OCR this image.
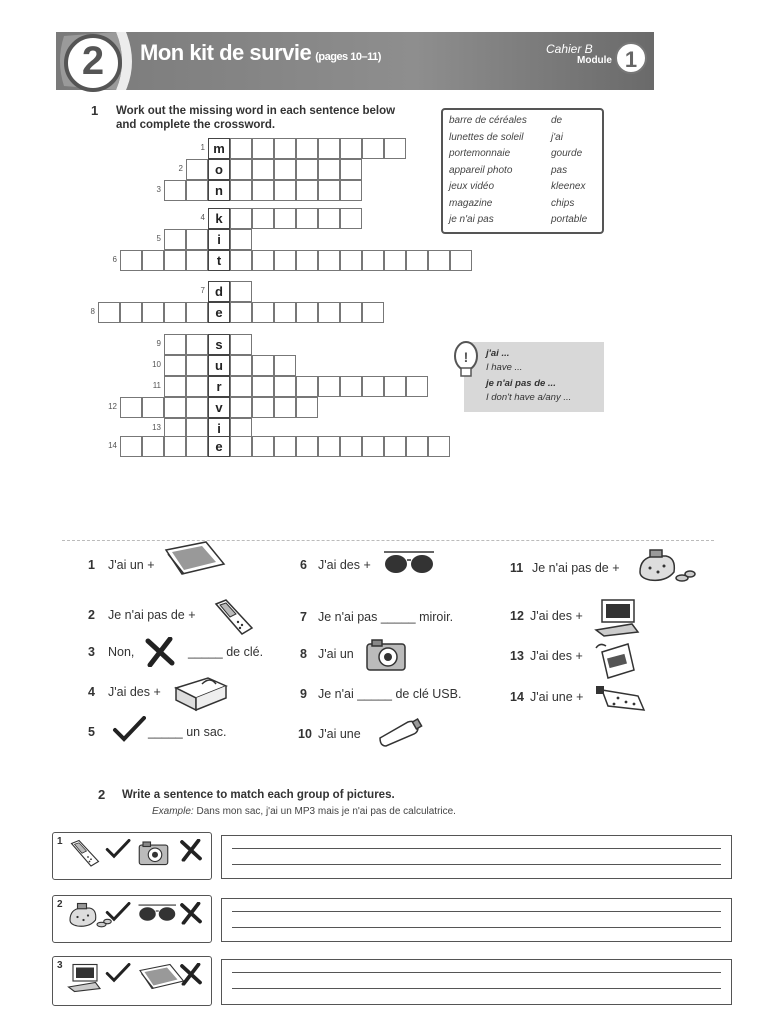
2	Mon kit de survie (pages 10–11)
Cahier B
Module 1
1 Work out the missing word in each sentence below
and complete the crossword.
1 m
2	o
3	n
4 k
5	i
6	t
7 d
8	e
9	s
10	u
11	r
12	v
13	i
14	e
barre de céréales
lunettes de soleil
portemonnaie
appareil photo
jeux vidéo
magazine
je n'ai pas
de
j'ai
gourde
pas
kleenex
chips
portable
! j'ai ...
I have ...
je n'ai pas de ...
I don't have a/any ...
1 J'ai un +
2 Je n'ai pas de +
3 Non,	_____ de clé.
4 J'ai des +
5	_____ un sac.
6 J'ai des +
7 Je n'ai pas _____ miroir.
8 J'ai un
9 Je n'ai _____ de clé USB.
10 J'ai une
11 Je n'ai pas de +
12 J'ai des +
13 J'ai des +
14 J'ai une +
2 Write a sentence to match each group of pictures.
Example: Dans mon sac, j'ai un MP3 mais je n'ai pas de calculatrice.
1
2
3
